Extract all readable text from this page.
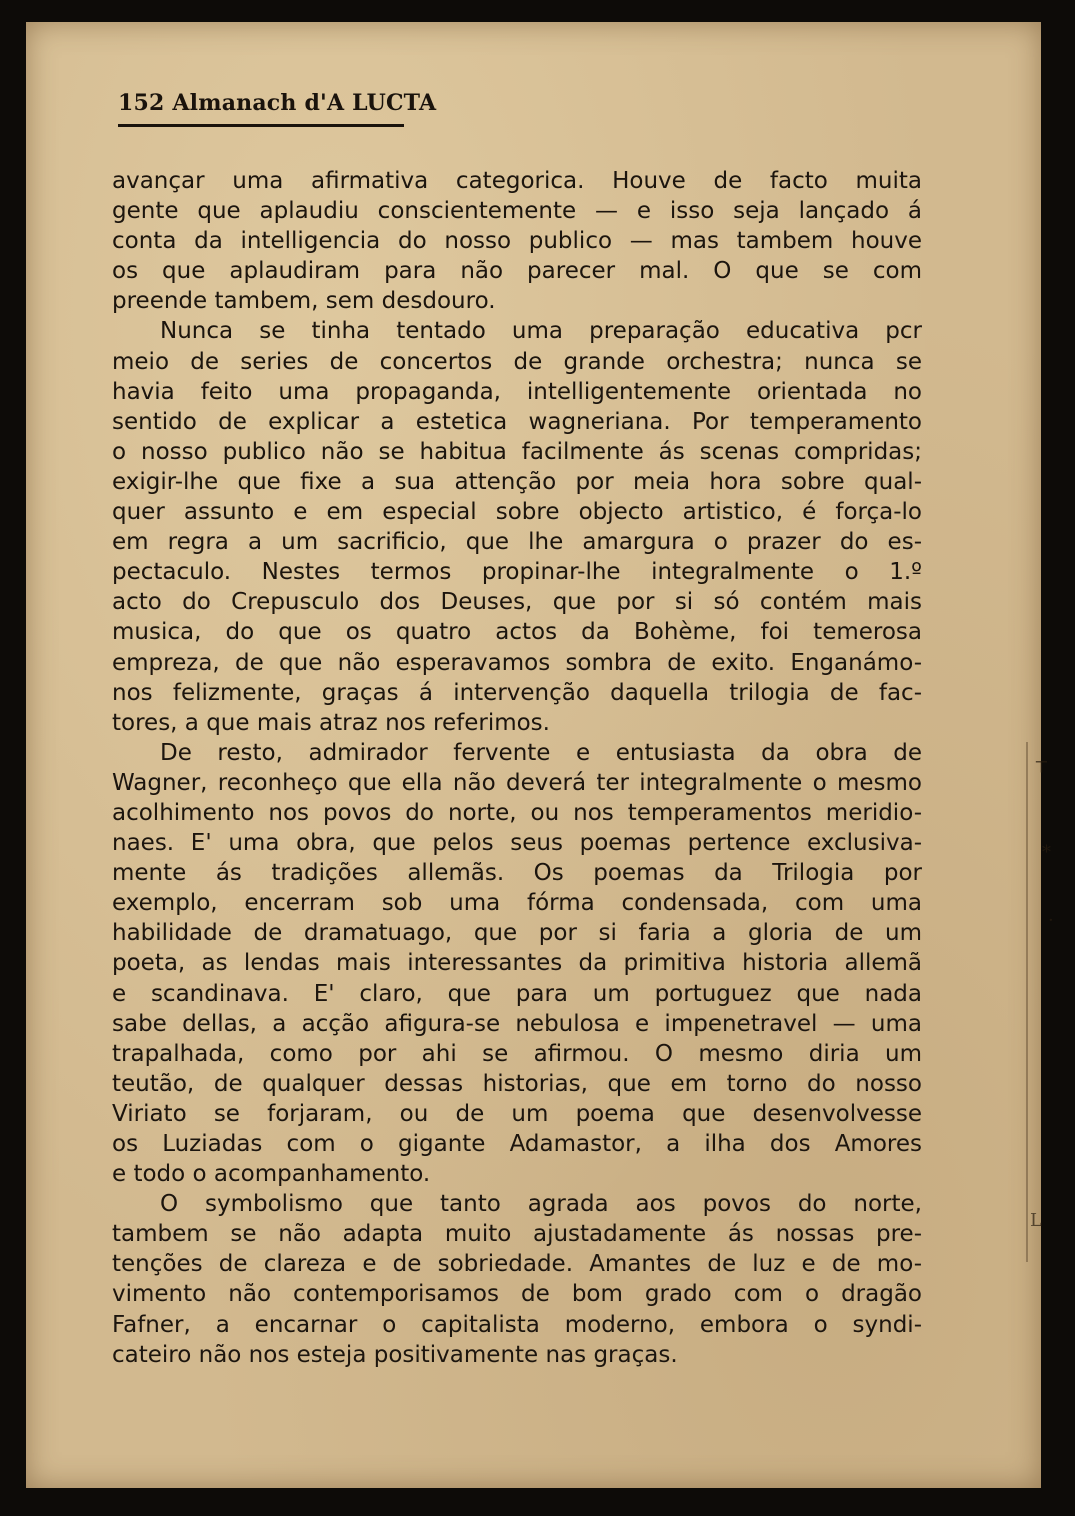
┬
*
·
L
152 Almanach d'A LUCTA
avançar uma afirmativa categorica. Houve de facto muita
gente que aplaudiu conscientemente — e isso seja lançado á
conta da intelligencia do nosso publico — mas tambem houve
os que aplaudiram para não parecer mal. O que se com
preende tambem, sem desdouro.
Nunca se tinha tentado uma preparação educativa pcr
meio de series de concertos de grande orchestra; nunca se
havia feito uma propaganda, intelligentemente orientada no
sentido de explicar a estetica wagneriana. Por temperamento
o nosso publico não se habitua facilmente ás scenas compridas;
exigir-lhe que fixe a sua attenção por meia hora sobre qual-
quer assunto e em especial sobre objecto artistico, é força-lo
em regra a um sacrificio, que lhe amargura o prazer do es-
pectaculo. Nestes termos propinar-lhe integralmente o 1.º
acto do Crepusculo dos Deuses, que por si só contém mais
musica, do que os quatro actos da Bohème, foi temerosa
empreza, de que não esperavamos sombra de exito. Enganámo-
nos felizmente, graças á intervenção daquella trilogia de fac-
tores, a que mais atraz nos referimos.
De resto, admirador fervente e entusiasta da obra de
Wagner, reconheço que ella não deverá ter integralmente o mesmo
acolhimento nos povos do norte, ou nos temperamentos meridio-
naes. E' uma obra, que pelos seus poemas pertence exclusiva-
mente ás tradições allemãs. Os poemas da Trilogia por
exemplo, encerram sob uma fórma condensada, com uma
habilidade de dramatuago, que por si faria a gloria de um
poeta, as lendas mais interessantes da primitiva historia allemã
e scandinava. E' claro, que para um portuguez que nada
sabe dellas, a acção afigura-se nebulosa e impenetravel — uma
trapalhada, como por ahi se afirmou. O mesmo diria um
teutão, de qualquer dessas historias, que em torno do nosso
Viriato se forjaram, ou de um poema que desenvolvesse
os Luziadas com o gigante Adamastor, a ilha dos Amores
e todo o acompanhamento.
O symbolismo que tanto agrada aos povos do norte,
tambem se não adapta muito ajustadamente ás nossas pre-
tenções de clareza e de sobriedade. Amantes de luz e de mo-
vimento não contemporisamos de bom grado com o dragão
Fafner, a encarnar o capitalista moderno, embora o syndi-
cateiro não nos esteja positivamente nas graças.
